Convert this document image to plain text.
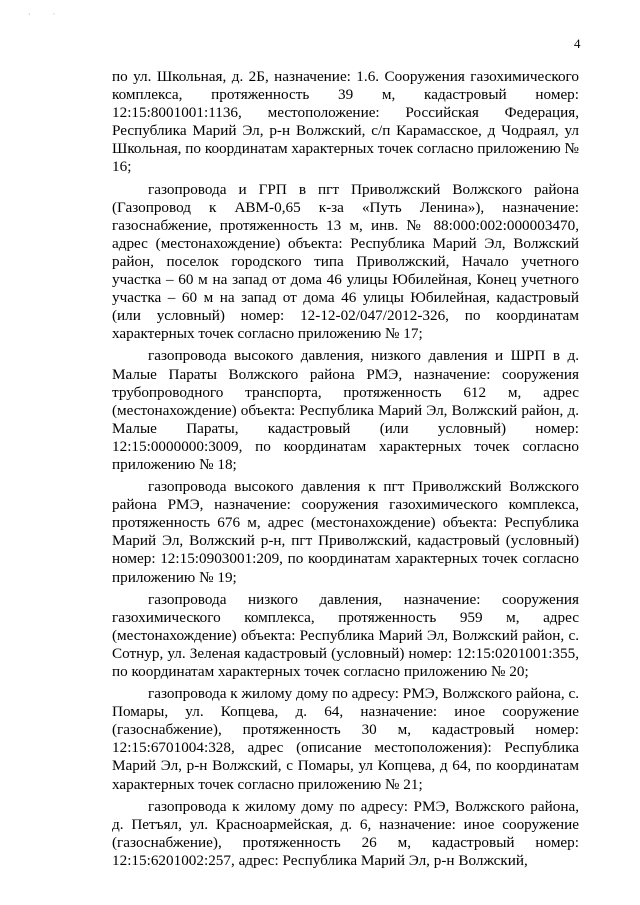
· ·
4

по ул. Школьная, д. 2Б, назначение: 1.6. Сооружения газохимического комплекса, протяженность 39 м, кадастровый номер: 12:15:8001001:1136, местоположение: Российская Федерация, Республика Марий Эл, р-н Волжский, с/п Карамасское, д Чодраял, ул Школьная, по координатам характерных точек согласно приложению № 16;

газопровода и ГРП в пгт Приволжский Волжского района (Газопровод к АВМ-0,65 к-за «Путь Ленина»), назначение: газоснабжение, протяженность 13 м, инв. № 88:000:002:000003470, адрес (местонахождение) объекта: Республика Марий Эл, Волжский район, поселок городского типа Приволжский, Начало учетного участка – 60 м на запад от дома 46 улицы Юбилейная, Конец учетного участка – 60 м на запад от дома 46 улицы Юбилейная, кадастровый (или условный) номер: 12-12-02/047/2012-326, по координатам характерных точек согласно приложению № 17;

газопровода высокого давления, низкого давления и ШРП в д. Малые Параты Волжского района РМЭ, назначение: сооружения трубопроводного транспорта, протяженность 612 м, адрес (местонахождение) объекта: Республика Марий Эл, Волжский район, д. Малые Параты, кадастровый (или условный) номер: 12:15:0000000:3009, по координатам характерных точек согласно приложению № 18;

газопровода высокого давления к пгт Приволжский Волжского района РМЭ, назначение: сооружения газохимического комплекса, протяженность 676 м, адрес (местонахождение) объекта: Республика Марий Эл, Волжский р-н, пгт Приволжский, кадастровый (условный) номер: 12:15:0903001:209, по координатам характерных точек согласно приложению № 19;

газопровода низкого давления, назначение: сооружения газохимического комплекса, протяженность 959 м, адрес (местонахождение) объекта: Республика Марий Эл, Волжский район, с. Сотнур, ул. Зеленая кадастровый (условный) номер: 12:15:0201001:355, по координатам характерных точек согласно приложению № 20;

газопровода к жилому дому по адресу: РМЭ, Волжского района, с. Помары, ул. Копцева, д. 64, назначение: иное сооружение (газоснабжение), протяженность 30 м, кадастровый номер: 12:15:6701004:328, адрес (описание местоположения): Республика Марий Эл, р-н Волжский, с Помары, ул Копцева, д 64, по координатам характерных точек согласно приложению № 21;

газопровода к жилому дому по адресу: РМЭ, Волжского района, д. Петъял, ул. Красноармейская, д. 6, назначение: иное сооружение (газоснабжение), протяженность 26 м, кадастровый номер: 12:15:6201002:257, адрес: Республика Марий Эл, р-н Волжский,
